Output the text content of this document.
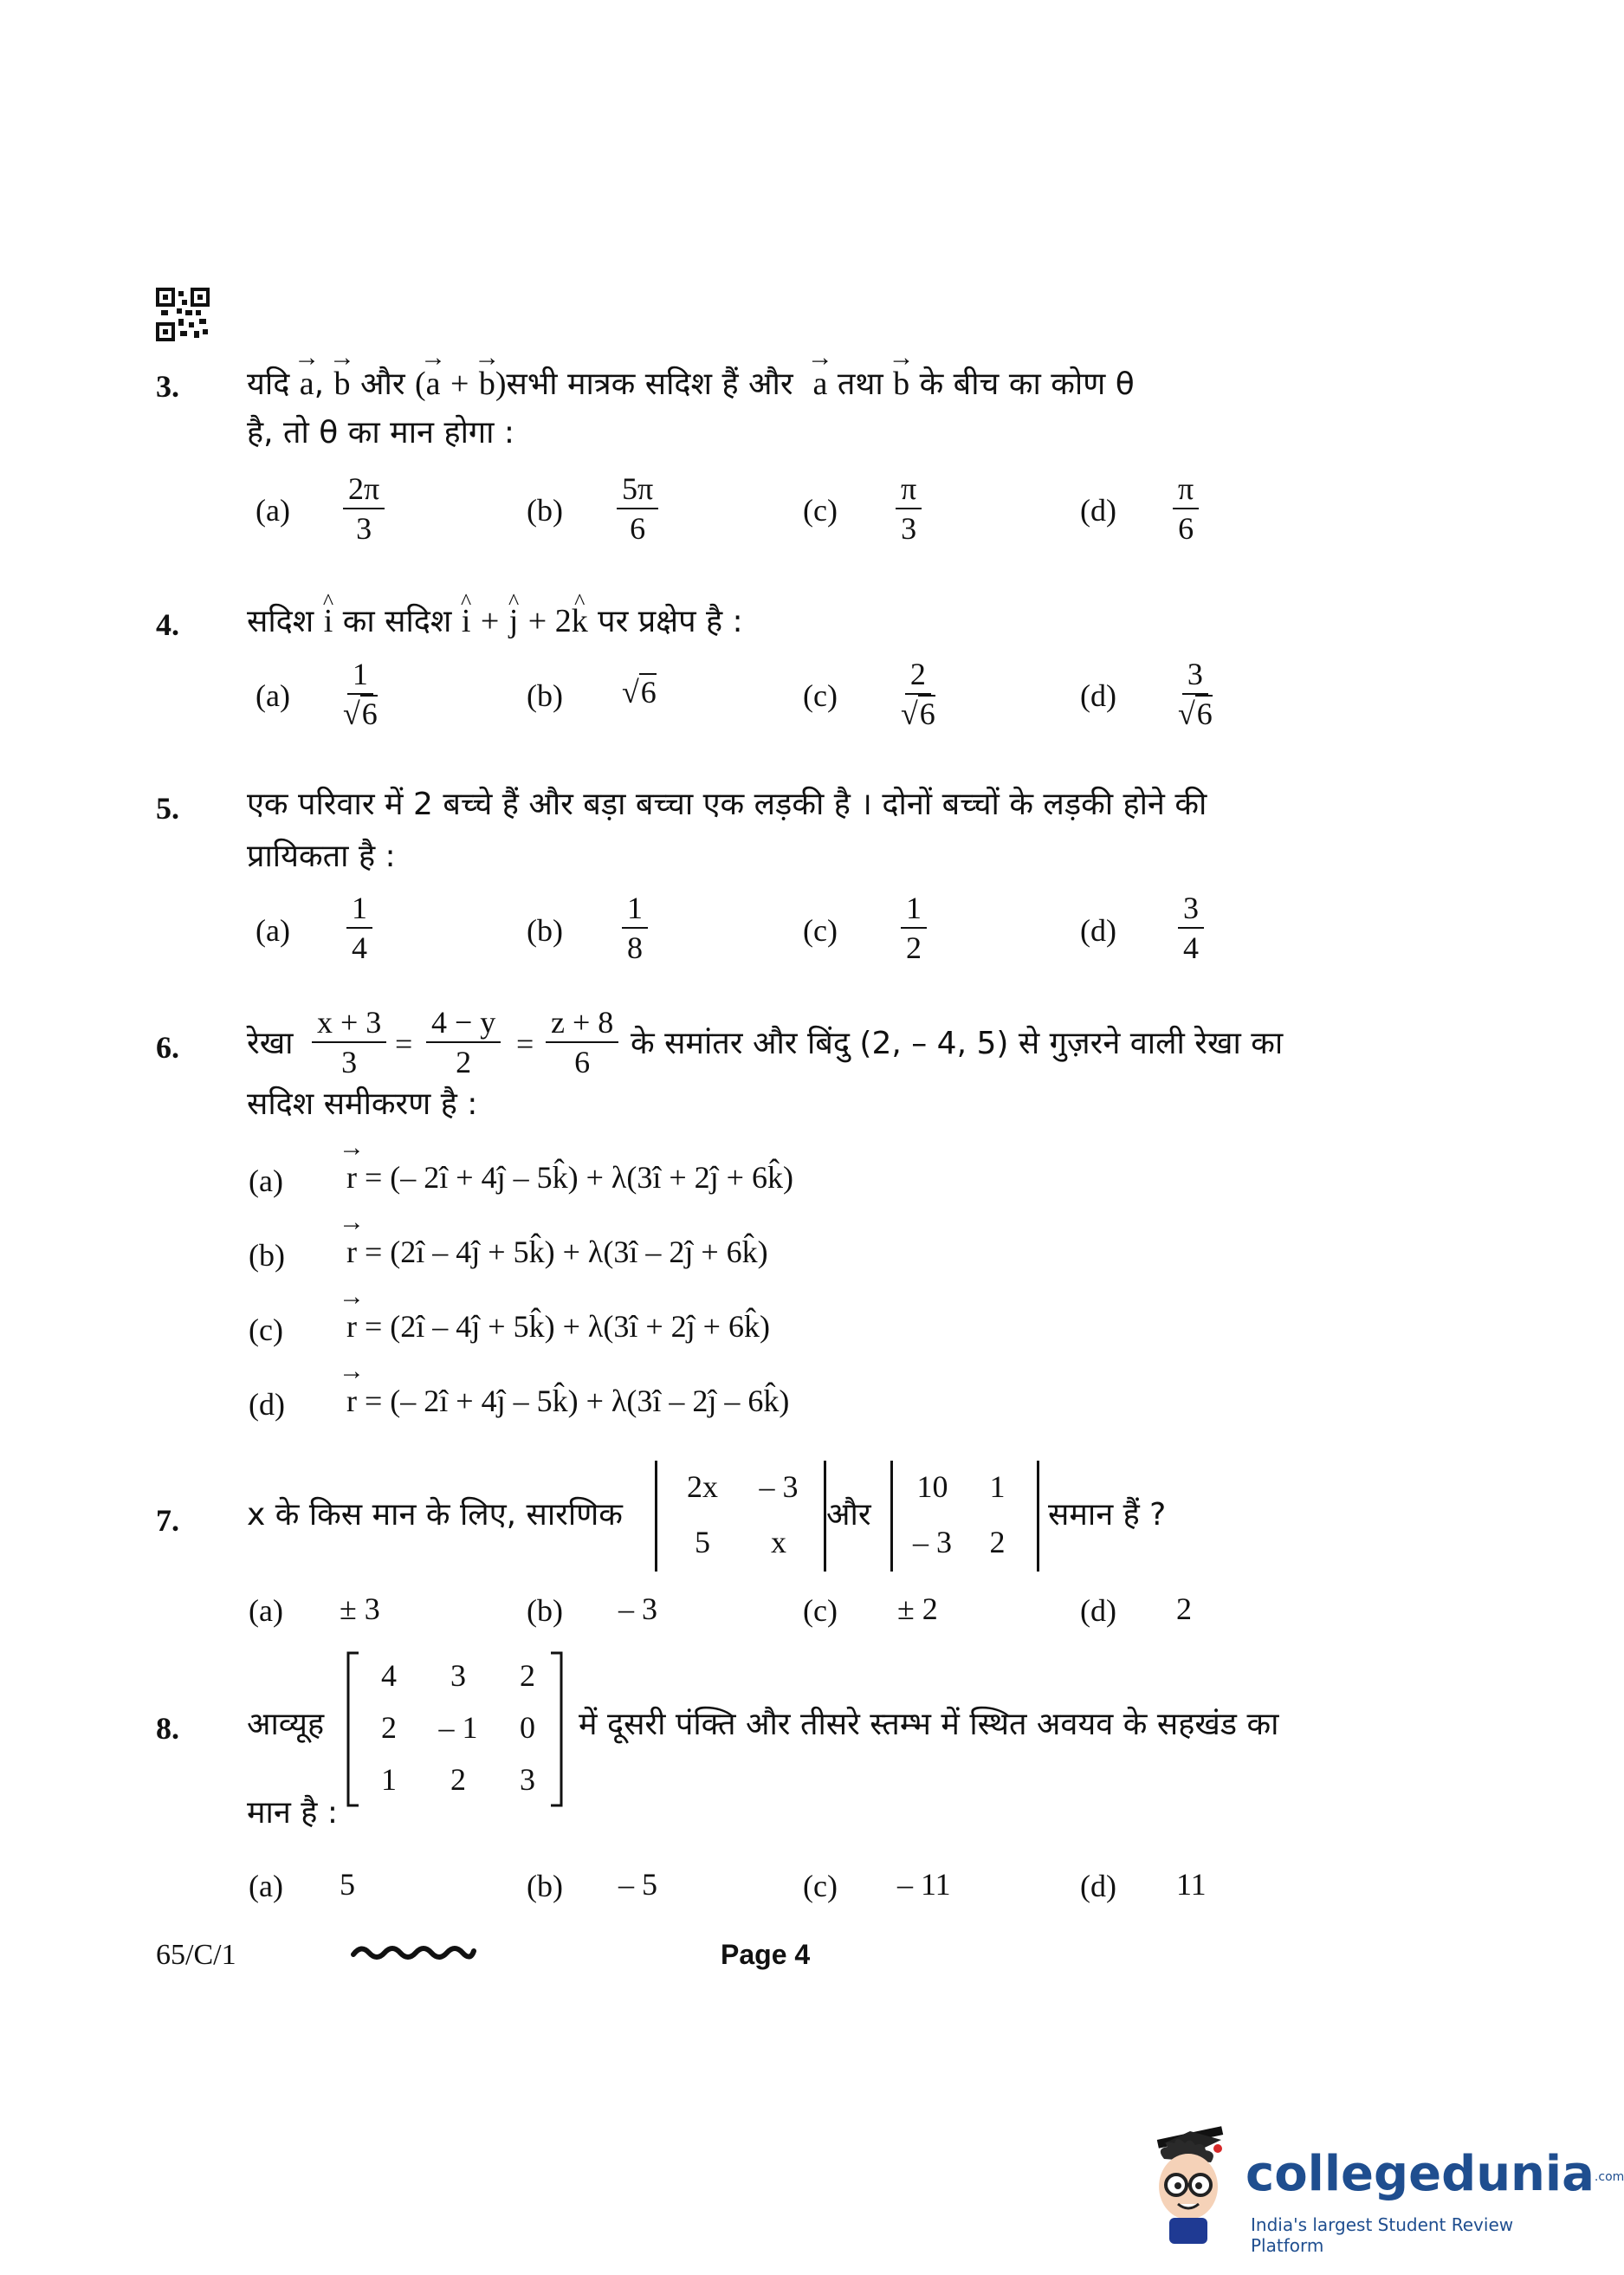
3. यदि → a, → b और (→ a + → b)सभी मात्रक सदिश हैं और → a तथा → b के बीच का कोण θ
है, तो θ का मान होगा :
$(a) \frac{2\pi}{3}$	$(b) \frac{5\pi}{6}$	$(c) \frac{\pi}{3}$	$(d) \frac{\pi}{6}$
4. सदिश ^ i का सदिश ^ i + ^ j + 2^ k पर प्रक्षेप है :
$(a) \frac{1}{√6}$	(b) √6	$(c) \frac{2}{√6}$	$(d) \frac{3}{√6}$
5. एक परिवार में 2 बच्चे हैं और बड़ा बच्चा एक लड़की है । दोनों बच्चों के लड़की होने की
प्रायिकता है :
$(a) \frac{1}{4}$	$(b) \frac{1}{8}$	$(c) \frac{1}{2}$	$(d) \frac{3}{4}$
6. रेखा $\frac{x + 3}{3} = \frac{4 - y}{2} = \frac{z + 8}{6}$ के समांतर और बिंदु (2, – 4, 5) से गुज़रने वाली रेखा का
सदिश समीकरण है :
(a) → r = (– 2î + 4ĵ – 5k̂) + λ(3î + 2ĵ + 6k̂)
(b) → r = (2î – 4ĵ + 5k̂) + λ(3î – 2ĵ + 6k̂)
(c) → r = (2î – 4ĵ + 5k̂) + λ(3î + 2ĵ + 6k̂)
(d) → r = (– 2î + 4ĵ – 5k̂) + λ(3î – 2ĵ – 6k̂)
7. x के किस मान के लिए, सारणिक
2x	– 3
5	x
और
10	1
– 3	2
समान हैं ?
(a) ± 3	(b) – 3	(c) ± 2	(d) 2
8. आव्यूह
4	3	2
2	– 1	0
1	2	3
में दूसरी पंक्ति और तीसरे स्तम्भ में स्थित अवयव के सहखंड का
मान है :
(a) 5	(b) – 5	(c) – 11	(d) 11
65/C/1	Page 4
collegedunia.com
India's largest Student Review Platform
